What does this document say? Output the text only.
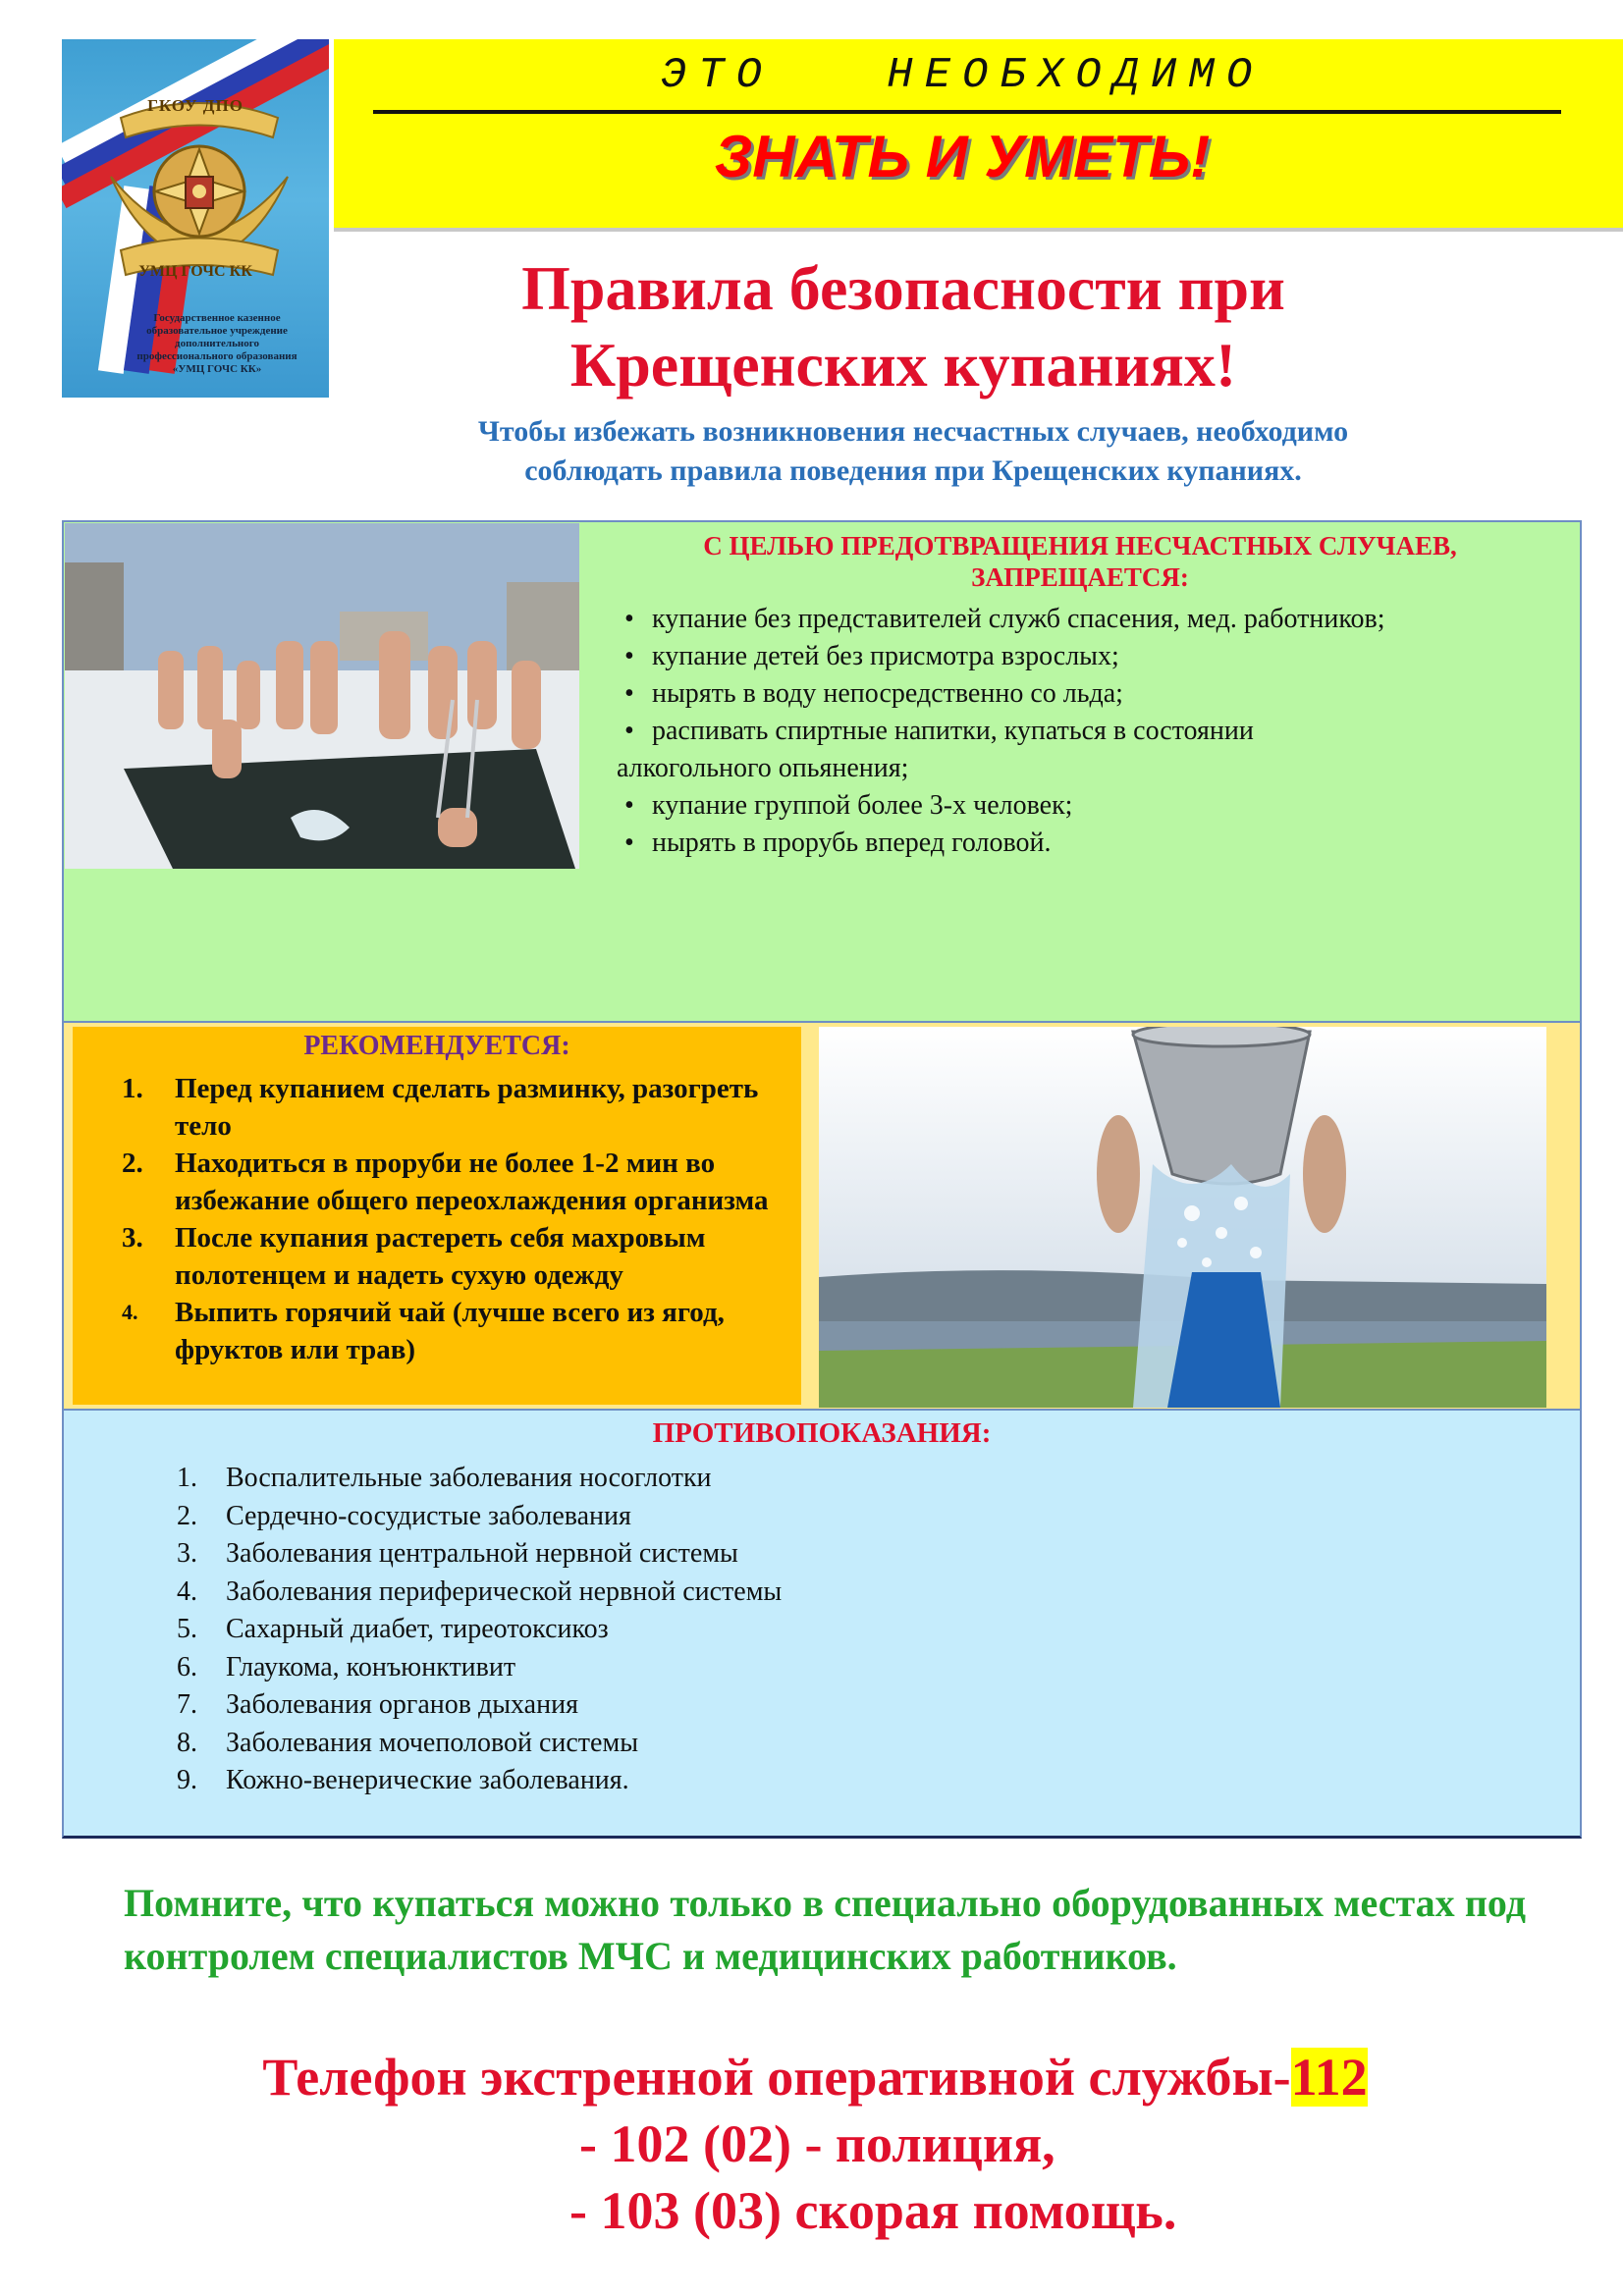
ГКОУ ДПО
УМЦ ГОЧС КК
Государственное казенное образовательное учреждение дополнительного профессионального образования «УМЦ ГОЧС КК»
ЭТО   НЕОБХОДИМО
ЗНАТЬ И УМЕТЬ!
Правила безопасности при
Крещенских купаниях!
Чтобы избежать возникновения несчастных случаев, необходимо
соблюдать правила поведения при Крещенских купаниях.
С ЦЕЛЬЮ ПРЕДОТВРАЩЕНИЯ НЕСЧАСТНЫХ СЛУЧАЕВ,
ЗАПРЕЩАЕТСЯ:
• купание без представителей служб спасения, мед. работников;
• купание детей без присмотра взрослых;
• нырять в воду непосредственно со льда;
• распивать спиртные напитки, купаться в состоянии
алкогольного опьянения;
• купание группой более 3-х человек;
• нырять в прорубь вперед головой.
РЕКОМЕНДУЕТСЯ:
1. Перед купанием сделать разминку, разогреть тело
2. Находиться в проруби не более 1-2 мин во избежание общего переохлаждения организма
3. После купания растереть себя махровым полотенцем и надеть сухую одежду
4. Выпить горячий чай (лучше всего из ягод, фруктов или трав)
ПРОТИВОПОКАЗАНИЯ:
1. Воспалительные заболевания носоглотки
2. Сердечно-сосудистые заболевания
3. Заболевания центральной нервной системы
4. Заболевания периферической нервной системы
5. Сахарный диабет, тиреотоксикоз
6. Глаукома, конъюнктивит
7. Заболевания органов дыхания
8. Заболевания мочеполовой системы
9. Кожно-венерические заболевания.
Помните, что купаться можно только в специально оборудованных местах под контролем специалистов МЧС и медицинских работников.
Телефон экстренной оперативной службы-112
- 102 (02) - полиция,
- 103 (03) скорая помощь.
